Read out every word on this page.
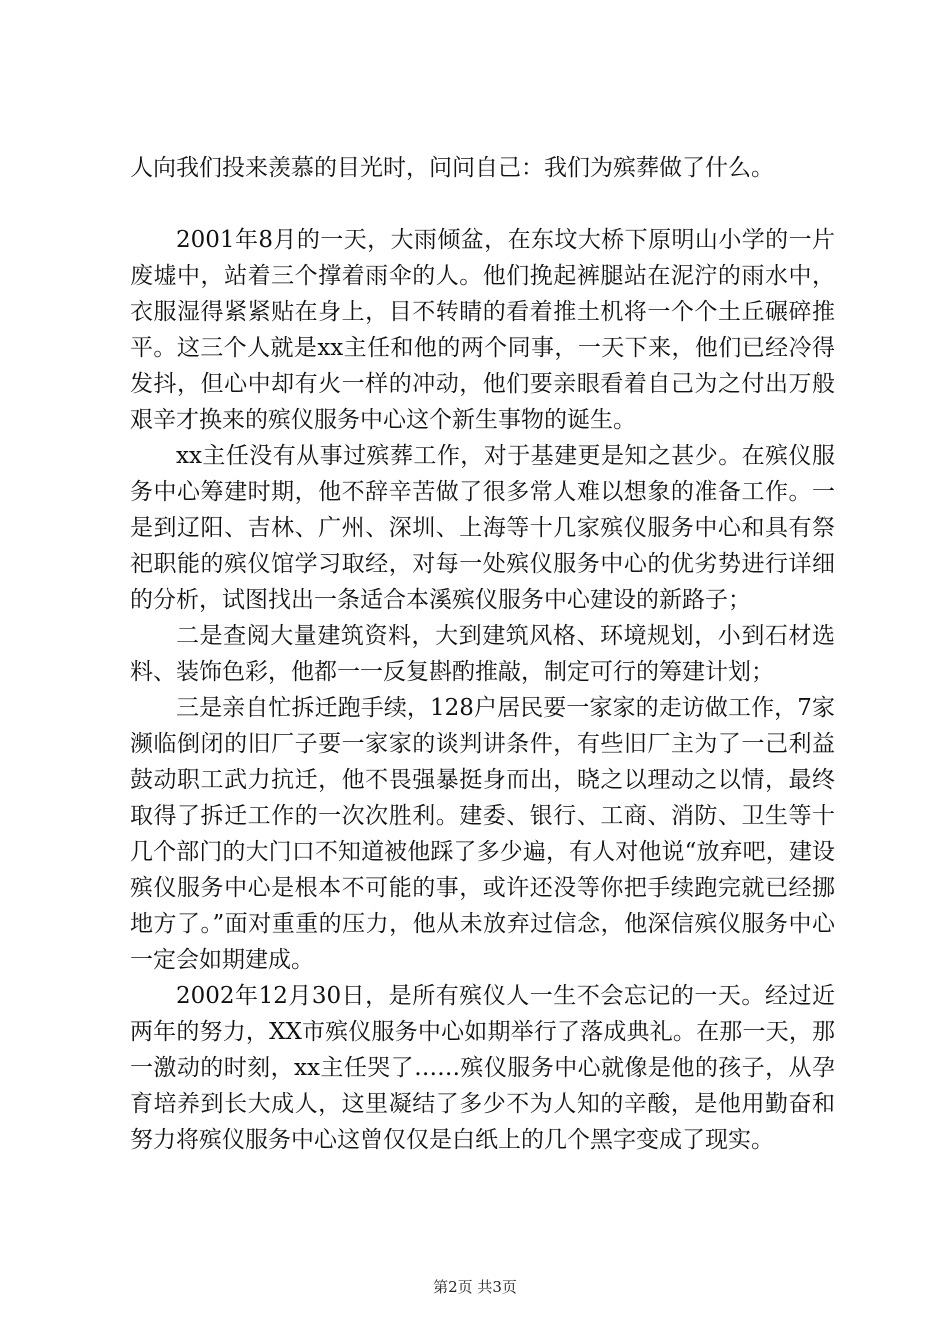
人向我们投来羡慕的目光时，问问自己：我们为殡葬做了什么。

2001年8月的一天，大雨倾盆，在东坟大桥下原明山小学的一片废墟中，站着三个撑着雨伞的人。他们挽起裤腿站在泥泞的雨水中，衣服湿得紧紧贴在身上，目不转睛的看着推土机将一个个土丘碾碎推平。这三个人就是xx主任和他的两个同事，一天下来，他们已经冷得发抖，但心中却有火一样的冲动，他们要亲眼看着自己为之付出万般艰辛才换来的殡仪服务中心这个新生事物的诞生。

xx主任没有从事过殡葬工作，对于基建更是知之甚少。在殡仪服务中心筹建时期，他不辞辛苦做了很多常人难以想象的准备工作。一是到辽阳、吉林、广州、深圳、上海等十几家殡仪服务中心和具有祭祀职能的殡仪馆学习取经，对每一处殡仪服务中心的优劣势进行详细的分析，试图找出一条适合本溪殡仪服务中心建设的新路子；

二是查阅大量建筑资料，大到建筑风格、环境规划，小到石材选料、装饰色彩，他都一一反复斟酌推敲，制定可行的筹建计划；

三是亲自忙拆迁跑手续，128户居民要一家家的走访做工作，7家濒临倒闭的旧厂子要一家家的谈判讲条件，有些旧厂主为了一己利益鼓动职工武力抗迁，他不畏强暴挺身而出，晓之以理动之以情，最终取得了拆迁工作的一次次胜利。建委、银行、工商、消防、卫生等十几个部门的大门口不知道被他踩了多少遍，有人对他说“放弃吧，建设殡仪服务中心是根本不可能的事，或许还没等你把手续跑完就已经挪地方了。”面对重重的压力，他从未放弃过信念，他深信殡仪服务中心一定会如期建成。

2002年12月30日，是所有殡仪人一生不会忘记的一天。经过近两年的努力，XX市殡仪服务中心如期举行了落成典礼。在那一天，那一激动的时刻，xx主任哭了……殡仪服务中心就像是他的孩子，从孕育培养到长大成人，这里凝结了多少不为人知的辛酸，是他用勤奋和努力将殡仪服务中心这曾仅仅是白纸上的几个黑字变成了现实。

第2页 共3页
